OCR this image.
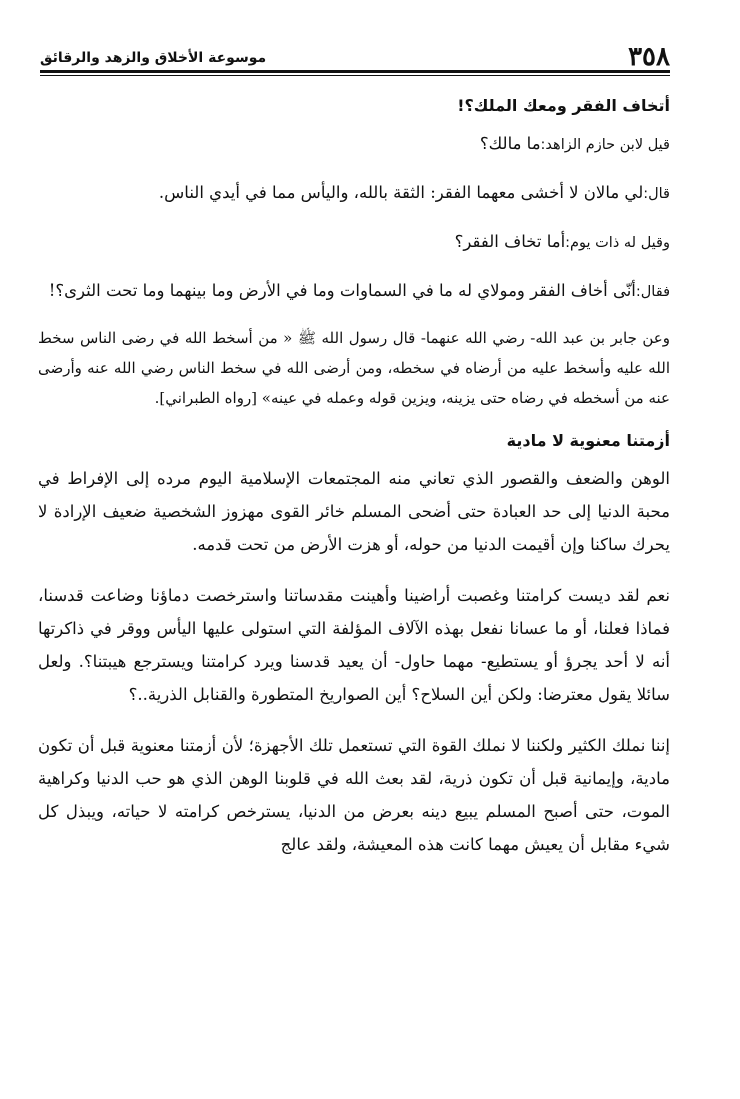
٣٥٨
موسوعة الأخلاق والزهد والرقائق
أتخاف الفقر ومعك الملك؟!

قيل لابن حازم الزاهد:ما مالك؟

قال:لي مالان لا أخشى معهما الفقر: الثقة بالله، واليأس مما في أيدي الناس.

وقيل له ذات يوم:أما تخاف الفقر؟

فقال:أنّى أخاف الفقر ومولاي له ما في السماوات وما في الأرض وما بينهما وما تحت الثرى؟!

وعن جابر بن عبد الله- رضي الله عنهما- قال رسول الله ﷺ « من أسخط الله في رضى الناس سخط الله عليه وأسخط عليه من أرضاه في سخطه، ومن أرضى الله في سخط الناس رضي الله عنه وأرضى عنه من أسخطه في رضاه حتى يزينه، ويزين قوله وعمله في عينه» [رواه الطبراني].

أزمتنا معنوية لا مادية

الوهن والضعف والقصور الذي تعاني منه المجتمعات الإسلامية اليوم مرده إلى الإفراط في محبة الدنيا إلى حد العبادة حتى أضحى المسلم خائر القوى مهزوز الشخصية ضعيف الإرادة لا يحرك ساكنا وإن أقيمت الدنيا من حوله، أو هزت الأرض من تحت قدمه.

نعم لقد ديست كرامتنا وغصبت أراضينا وأهينت مقدساتنا واسترخصت دماؤنا وضاعت قدسنا، فماذا فعلنا، أو ما عسانا نفعل بهذه الآلاف المؤلفة التي استولى عليها اليأس ووقر في ذاكرتها أنه لا أحد يجرؤ أو يستطيع- مهما حاول- أن يعيد قدسنا ويرد كرامتنا ويسترجع هيبتنا؟. ولعل سائلا يقول معترضا: ولكن أين السلاح؟ أين الصواريخ المتطورة والقنابل الذرية..؟

إننا نملك الكثير ولكننا لا نملك القوة التي تستعمل تلك الأجهزة؛ لأن أزمتنا معنوية قبل أن تكون مادية، وإيمانية قبل أن تكون ذرية، لقد بعث الله في قلوبنا الوهن الذي هو حب الدنيا وكراهية الموت، حتى أصبح المسلم يبيع دينه بعرض من الدنيا، يسترخص كرامته لا حياته، ويبذل كل شيء مقابل أن يعيش مهما كانت هذه المعيشة، ولقد عالج
